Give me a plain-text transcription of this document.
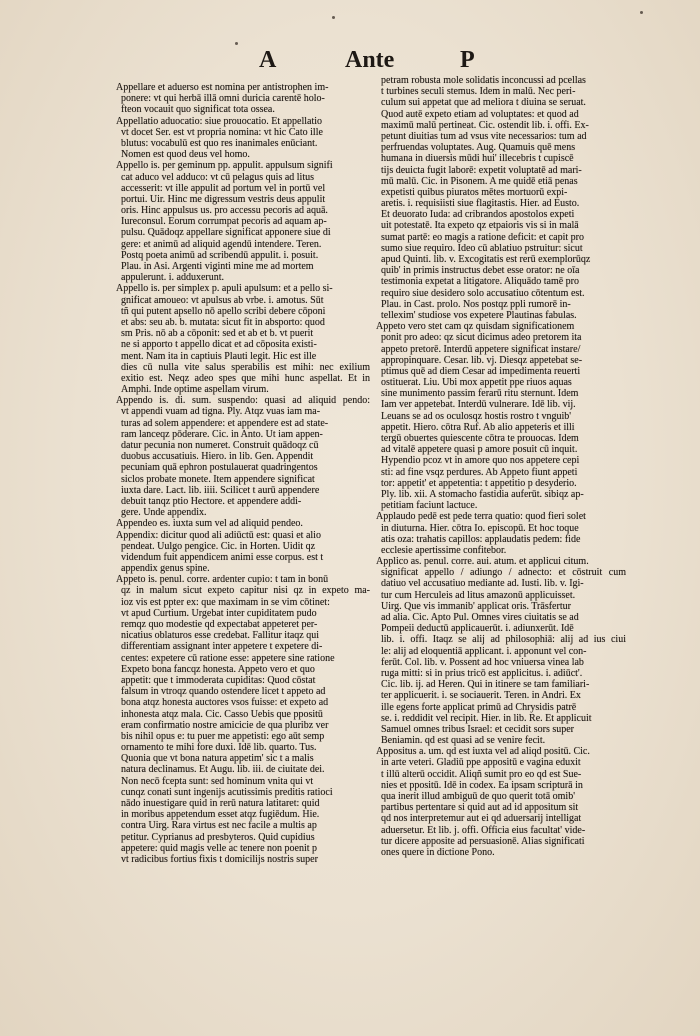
A	Ante	P
Appellare et aduerso est nomina per antistrophen im-
ponere: vt qui herbā illā omni duricia carentē holo-
fteon vocauit quo significat tota ossea.
Appellatio aduocatio: siue prouocatio. Et appellatio
vt docet Ser. est vt propria nomina: vt hic Cato ille
blutus: vocabulū est quo res inanimales enūciant.
Nomen est quod deus vel homo.
Appello is. per geminum pp. appulit. appulsum signifi
cat aduco vel adduco: vt cū pelagus quis ad litus
accesserit: vt ille appulit ad portum vel in portū vel
portui. Uir. Hinc me digressum vestris deus appulit
oris. Hinc appulsus us. pro accessu pecoris ad aquā.
Iureconsul. Eorum corrumpat pecoris ad aquam ap-
pulsu. Quādoqz appellare significat apponere siue di
gere: et animū ad aliquid agendū intendere. Teren.
Postq poeta animū ad scribendū appulit. i. posuit.
Plau. in Asi. Argenti viginti mine me ad mortem
appulerunt. i. adduxerunt.
Appello is. per simplex p. apuli apulsum: et a pello si-
gnificat amoueo: vt apulsus ab vrbe. i. amotus. Sūt
tñ qui putent apsello nō apello scribi debere cōponi
et abs: seu ab. b. mutata: sicut fit in absporto: quod
sm Pris. nō ab a cōponit: sed et ab et b. vt puerit
ne si apporto t appello dicat et ad cōposita existi-
ment. Nam ita in captiuis Plauti legit. Hic est ille
dies cū nulla vite salus sperabilis est mihi: nec exilium
exitio est. Neqz adeo spes que mihi hunc aspellat. Et in
Amphi. Inde optime aspellam virum.
Appendo is. di. sum. suspendo: quasi ad aliquid pendo:
vt appendi vuam ad tigna. Ply. Atqz vuas iam ma-
turas ad solem appendere: et appendere est ad state-
ram lanceqz pōderare. Cic. in Anto. Ut iam appen-
datur pecunia non numeret. Construit quādoqz cū
duobus accusatiuis. Hiero. in lib. Gen. Appendit
pecuniam quā ephron postulauerat quadringentos
siclos probate monete. Item appendere significat
iuxta dare. Lact. lib. iiii. Scilicet t aurū appendere
debuit tanqz ptio Hectore. et appendere addi-
gere. Unde appendix.
Appendeo es. iuxta sum vel ad aliquid pendeo.
Appendix: dicitur quod ali adiūctū est: quasi et alio
pendeat. Uulgo pengice. Cic. in Horten. Uidit qz
videndum fuit appendicem animi esse corpus. est t
appendix genus spine.
Appeto is. penul. corre. ardenter cupio: t tam in bonū
qz in malum sicut expeto capitur nisi qz in expeto ma-
ioz vis est ppter ex: que maximam in se vim cōtinet:
vt apud Curtium. Urgebat inter cupiditatem pudo
remqz quo modestie qd expectabat appeteret per-
nicatius oblaturos esse credebat. Fallitur itaqz qui
differentiam assignant inter appetere t expetere di-
centes: expetere cū ratione esse: appetere sine ratione
Expeto bona fancqz honesta. Appeto vero et quo
appetit: que t immoderata cupiditas: Quod cōstat
falsum in vtroqz quando ostendere licet t appeto ad
bona atqz honesta auctores vsos fuisse: et expeto ad
inhonesta atqz mala. Cic. Casso Uebis que ppositū
eram confirmatio nostre amicicie de qua pluribz ver
bis nihil opus e: tu puer me appetisti: ego aūt semp
ornamento te mihi fore duxi. Idē lib. quarto. Tus.
Quonia que vt bona natura appetim' sic t a malis
natura declinamus. Et Augu. lib. iii. de ciuitate dei.
Non necō fcepta sunt: sed hominum vnita qui vt
cunqz conati sunt ingenijs acutissimis preditis ratioci
nādo inuestigare quid in rerū natura latitaret: quid
in moribus appetendum esset atqz fugiēdum. Hie.
contra Uirg. Rara virtus est nec facile a multis ap
petitur. Cyprianus ad presbyteros. Quid cupidius
appetere: quid magis velle ac tenere non poenit p
vt radicibus fortius fixis t domicilijs nostris super
petram robusta mole solidatis inconcussi ad pcellas
t turbines seculi stemus. Idem in malū. Nec peri-
culum sui appetat que ad meliora t diuina se seruat.
Quod autē expeto etiam ad voluptates: et quod ad
maximū malū pertineat. Cic. ostendit lib. i. offi. Ex-
petunt diuitias tum ad vsus vite necessarios: tum ad
perfruendas voluptates. Aug. Quamuis quē mens
humana in diuersis mūdi hui' illecebris t cupiscē
tijs deuicta fugit laborē: expetit voluptatē ad mari-
mū malū. Cic. in Pisonem. A me quidē etiā penas
expetisti quibus piuratos mētes mortuorū expi-
aretis. i. requisiisti siue flagitastis. Hier. ad Eusto.
Et deuorato Iuda: ad cribrandos apostolos expeti
uit potestatē. Ita expeto qz etpaioris vis si in malā
sumat partē: eo magis a ratione deficit: et capit pro
sumo siue requiro. Ideo cū ablatiuo pstruitur: sicut
apud Quinti. lib. v. Excogitatis est rerū exemplorūqz
quib' in primis instructus debet esse orator: ne oīa
testimonia expetat a litigatore. Aliquādo tamē pro
requiro siue desidero solo accusatiuo cōtentum est.
Plau. in Cast. prolo. Nos postqz ppli rumorē in-
tellexim' studiose vos expetere Plautinas fabulas.
Appeto vero stet cam qz quisdam significationem
ponit pro adeo: qz sicut dicimus adeo pretorem ita
appeto pretorē. Interdū appetere significat instare/
appropinquare. Cesar. lib. vj. Diesqz appetebat se-
ptimus quē ad diem Cesar ad impedimenta reuerti
ostituerat. Liu. Ubi mox appetit ppe riuos aquas
sine munimento passim ferarū ritu sternunt. Idem
Iam ver appetebat. Interdū vulnerare. Idē lib. vij.
Leuans se ad os oculosqz hostis rostro t vnguib'
appetit. Hiero. cōtra Ruf. Ab alio appeteris et illi
tergū obuertes quiescente cōtra te prouocas. Idem
ad vitalē appetere quasi p amore posuit cū inquit.
Hypendio pcoz vt in amore quo nos appetere cepi
sti: ad fine vsqz perdures. Ab Appeto fiunt appeti
tor: appetit' et appetentia: t appetitio p desyderio.
Ply. lib. xii. A stomacho fastidia auferūt. sibiqz ap-
petitiam faciunt lactuce.
Applaudo pedē est pede terra quatio: quod fieri solet
in diuturna. Hier. cōtra Io. episcopū. Et hoc toque
atis oza: trahatis capillos: applaudatis pedem: fide
ecclesie apertissime confitebor.
Applico as. penul. corre. aui. atum. et applicui citum.
significat appello / adiungo / adnecto: et cōstruit cum
datiuo vel accusatiuo mediante ad. Iusti. lib. v. Igi-
tur cum Herculeis ad litus amazonū applicuisset.
Uirg. Que vis immanib' applicat oris. Trāsfertur
ad alia. Cic. Apto Pul. Omnes vires ciuitatis se ad
Pompeii deductū applicauerūt. i. adiunxerūt. Idē
lib. i. offi. Itaqz se alij ad philosophiā: alij ad ius ciui
le: alij ad eloquentiā applicant. i. apponunt vel con-
ferūt. Col. lib. v. Possent ad hoc vniuersa vinea lab
ruga mitti: si in prius tricō est applicitus. i. adiūct'.
Cic. lib. ij. ad Heren. Qui in itinere se tam familiari-
ter applicuerit. i. se sociauerit. Teren. in Andri. Ex
ille egens forte applicat primū ad Chrysidis patrē
se. i. reddidit vel recipit. Hier. in lib. Re. Et applicuit
Samuel omnes tribus Israel: et cecidit sors super
Beniamin. qd est quasi ad se venire fecit.
Appositus a. um. qd est iuxta vel ad aliqd positū. Cic.
in arte veteri. Gladiū ppe appositū e vagina eduxit
t illū alterū occidit. Aliqñ sumit pro eo qd est Sue-
nies et ppositū. Idē in codex. Ea ipsam scripturā in
qua inerit illud ambiguū de quo querit totā omib'
partibus pertentare si quid aut ad id appositum sit
qd nos interpretemur aut ei qd aduersarij intelligat
aduersetur. Et lib. j. offi. Officia eius facultat' vide-
tur dicere apposite ad persuasionē. Alias significati
ones quere in dictione Pono.
